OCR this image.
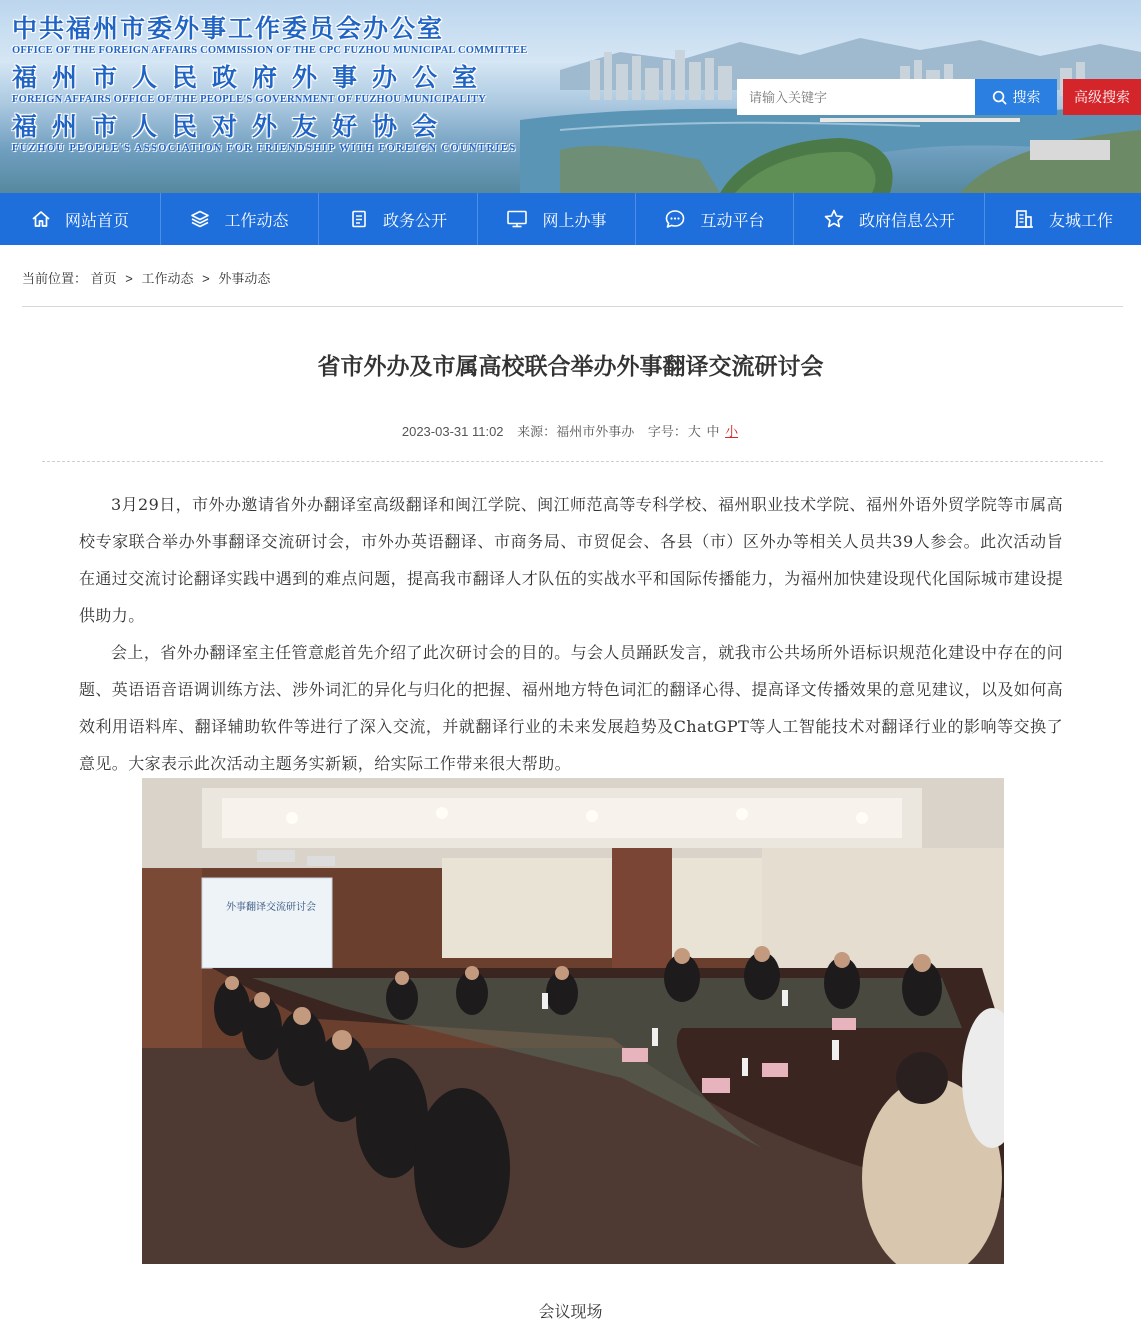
中共福州市委外事工作委员会办公室
OFFICE OF THE FOREIGN AFFAIRS COMMISSION OF THE CPC FUZHOU MUNICIPAL COMMITTEE
福州市人民政府外事办公室
FOREIGN AFFAIRS OFFICE OF THE PEOPLE'S GOVERNMENT OF FUZHOU MUNICIPALITY
福州市人民对外友好协会
FUZHOU PEOPLE'S ASSOCIATION FOR FRIENDSHIP WITH FOREIGN COUNTRIES
请输入关键字
搜索	高级搜索
网站首页	工作动态	政务公开	网上办事	互动平台	政府信息公开	友城工作
当前位置： 首页 > 工作动态 > 外事动态
省市外办及市属高校联合举办外事翻译交流研讨会
2023-03-31 11:02 来源：福州市外事办 字号：大 中 小

3月29日，市外办邀请省外办翻译室高级翻译和闽江学院、闽江师范高等专科学校、福州职业技术学院、福州外语外贸学院等市属高校专家联合举办外事翻译交流研讨会，市外办英语翻译、市商务局、市贸促会、各县（市）区外办等相关人员共39人参会。此次活动旨在通过交流讨论翻译实践中遇到的难点问题，提高我市翻译人才队伍的实战水平和国际传播能力，为福州加快建设现代化国际城市建设提供助力。

会上，省外办翻译室主任管意彪首先介绍了此次研讨会的目的。与会人员踊跃发言，就我市公共场所外语标识规范化建设中存在的问题、英语语音语调训练方法、涉外词汇的异化与归化的把握、福州地方特色词汇的翻译心得、提高译文传播效果的意见建议，以及如何高效利用语料库、翻译辅助软件等进行了深入交流，并就翻译行业的未来发展趋势及ChatGPT等人工智能技术对翻译行业的影响等交换了意见。大家表示此次活动主题务实新颖，给实际工作带来很大帮助。

外事翻译交流研讨会
会议现场
